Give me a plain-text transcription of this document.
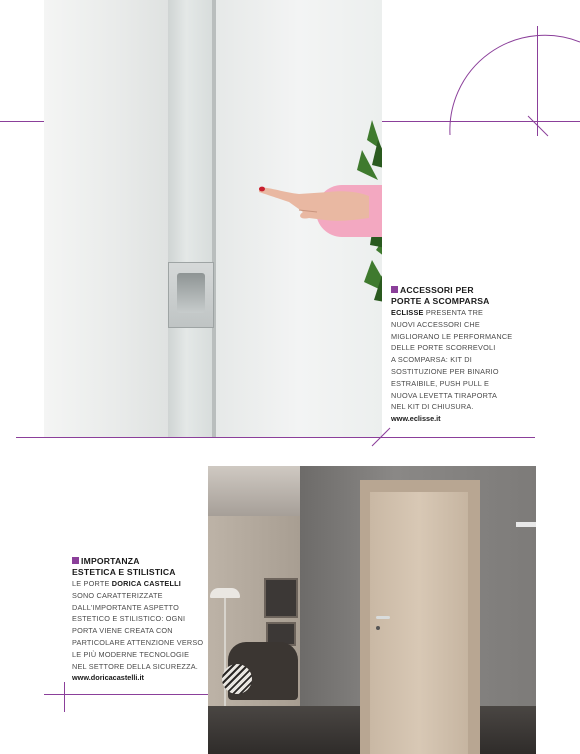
ACCESSORI PER
PORTE A SCOMPARSA
ECLISSE PRESENTA TRE
NUOVI ACCESSORI CHE
MIGLIORANO LE PERFORMANCE
DELLE PORTE SCORREVOLI
A SCOMPARSA: KIT DI
SOSTITUZIONE PER BINARIO
ESTRAIBILE, PUSH PULL E
NUOVA LEVETTA TIRAPORTA
NEL KIT DI CHIUSURA.
www.eclisse.it
IMPORTANZA
ESTETICA E STILISTICA
LE PORTE DORICA CASTELLI
SONO CARATTERIZZATE
DALL'IMPORTANTE ASPETTO
ESTETICO E STILISTICO: OGNI
PORTA VIENE CREATA CON
PARTICOLARE ATTENZIONE VERSO
LE PIÙ MODERNE TECNOLOGIE
NEL SETTORE DELLA SICUREZZA.
www.doricacastelli.it
